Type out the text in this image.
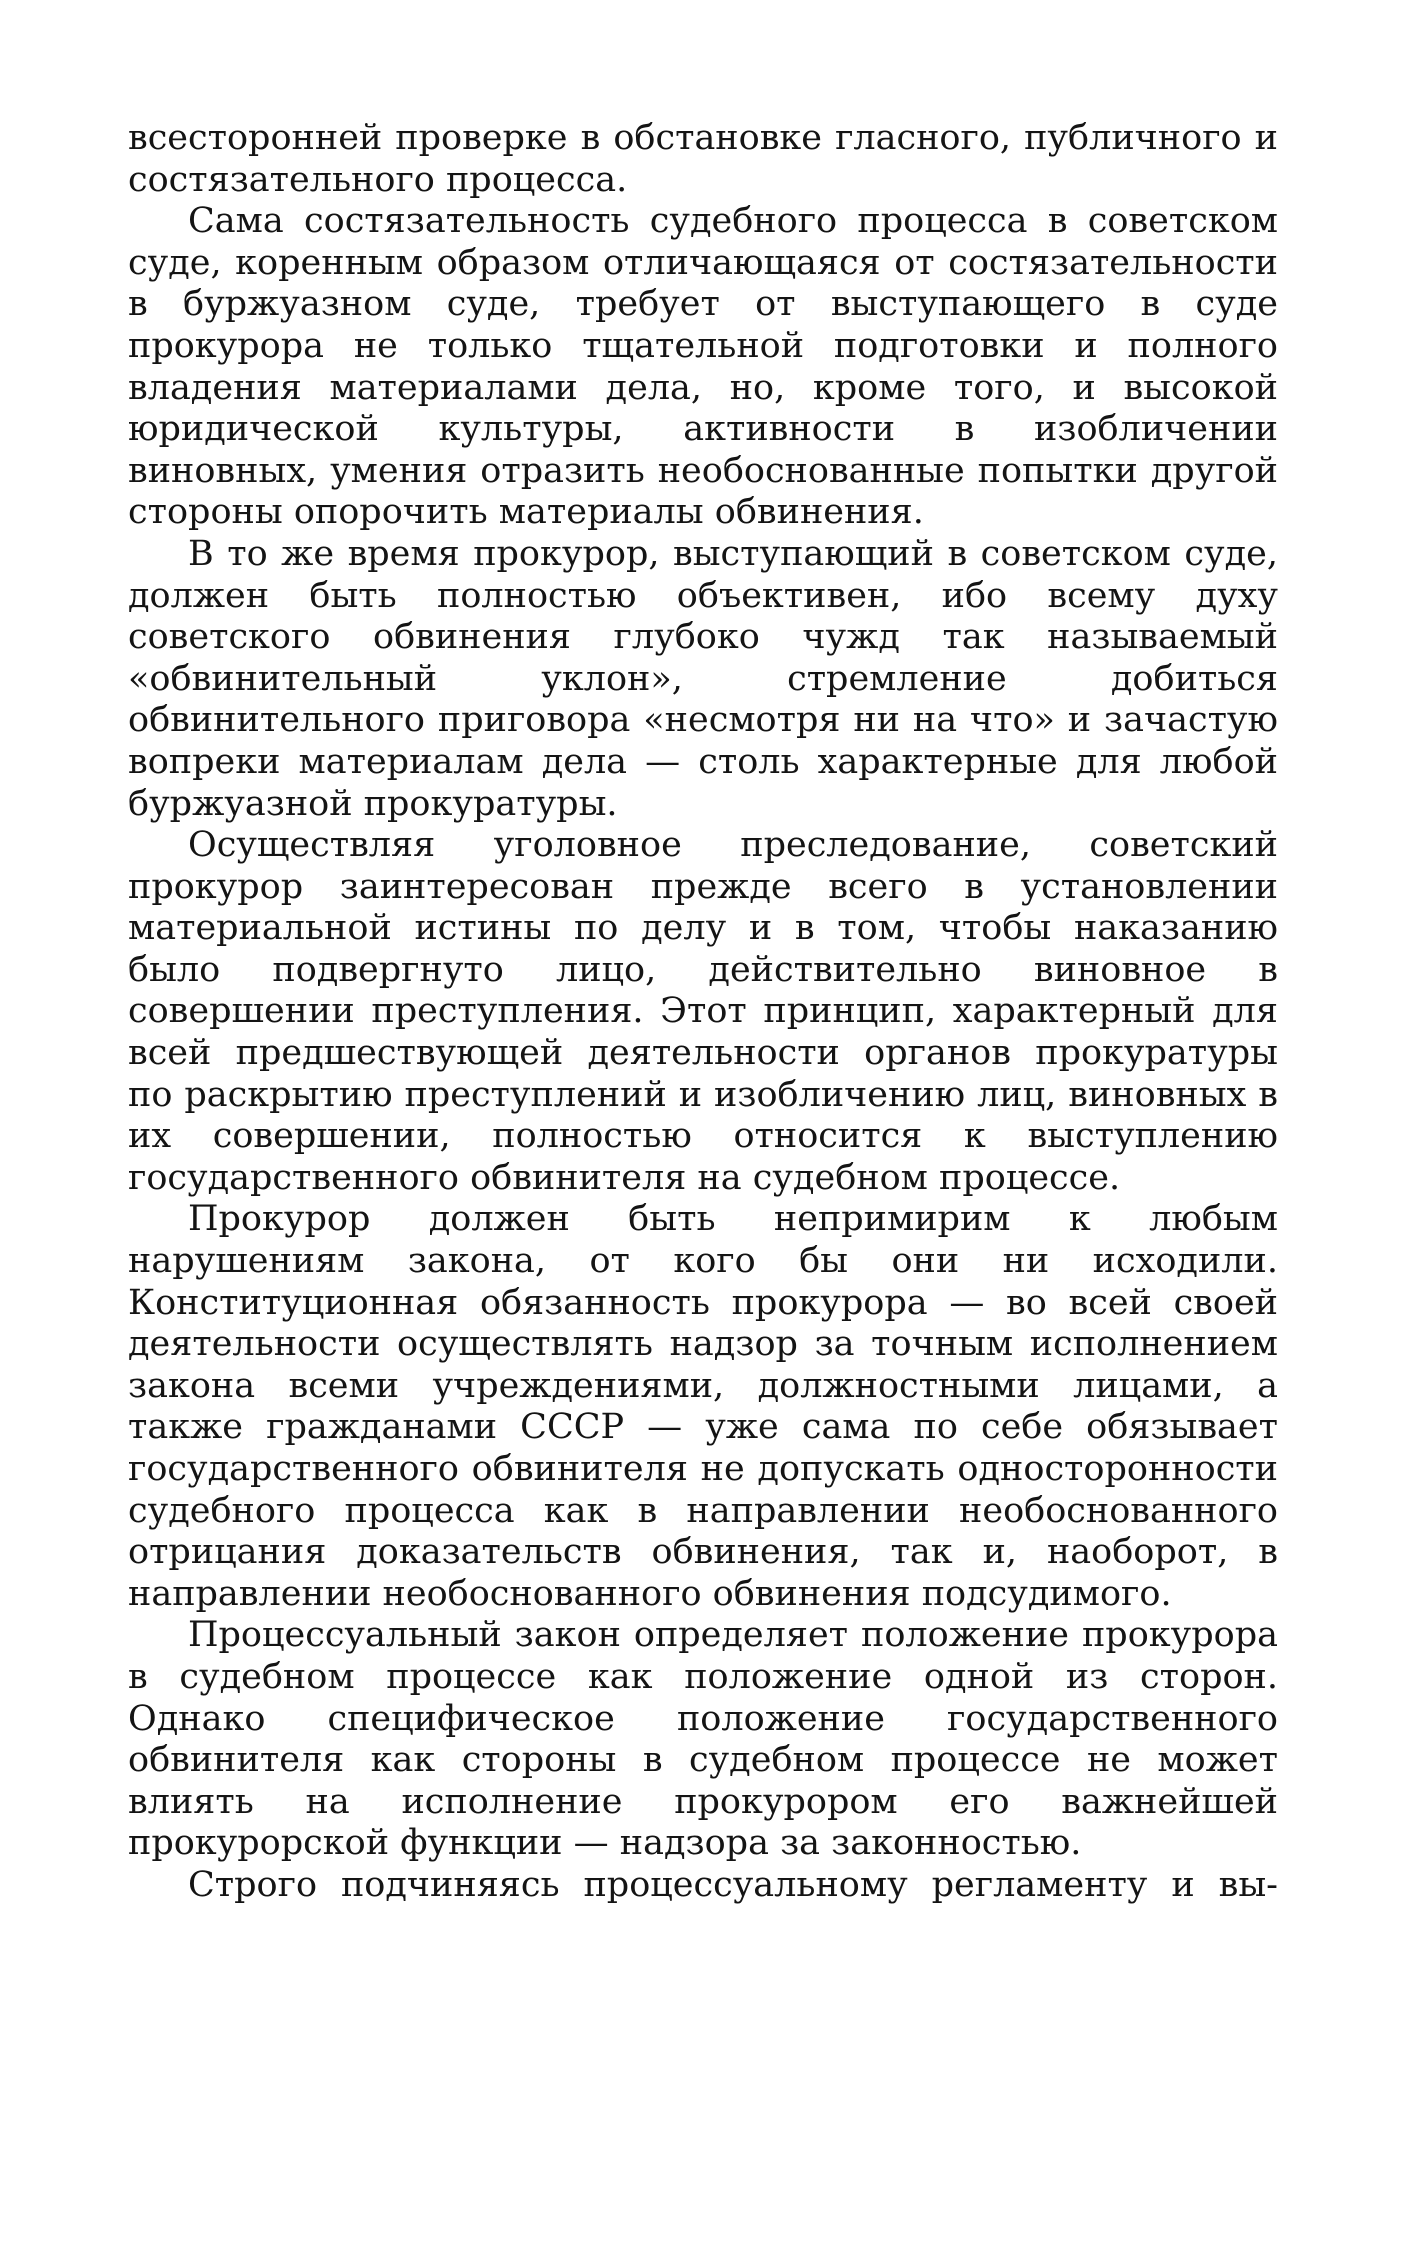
всесторонней проверке в обстановке гласного, публичного и состязательного процесса.

Сама состязательность судебного процесса в советском суде, коренным образом отличающаяся от состязательности в буржуазном суде, требует от выступающего в суде прокурора не только тщательной подготовки и полного владения материалами дела, но, кроме того, и высокой юридической культуры, активности в изобличении виновных, умения отразить необоснованные попытки другой стороны опорочить материалы обвинения.

В то же время прокурор, выступающий в советском суде, должен быть полностью объективен, ибо всему духу советского обвинения глубоко чужд так называемый «обвинительный уклон», стремление добиться обвинительного приговора «несмотря ни на что» и зачастую вопреки материалам дела — столь характерные для любой буржуазной прокуратуры.

Осуществляя уголовное преследование, советский прокурор заинтересован прежде всего в установлении материальной истины по делу и в том, чтобы наказанию было подвергнуто лицо, действительно виновное в совершении преступления. Этот принцип, характерный для всей предшествующей деятельности органов прокуратуры по раскрытию преступлений и изобличению лиц, виновных в их совершении, полностью относится к выступлению государственного обвинителя на судебном процессе.

Прокурор должен быть непримирим к любым нарушениям закона, от кого бы они ни исходили. Конституционная обязанность прокурора — во всей своей деятельности осуществлять надзор за точным исполнением закона всеми учреждениями, должностными лицами, а также гражданами СССР — уже сама по себе обязывает государственного обвинителя не допускать односторонности судебного процесса как в направлении необоснованного отрицания доказательств обвинения, так и, наоборот, в направлении необоснованного обвинения подсудимого.

Процессуальный закон определяет положение прокурора в судебном процессе как положение одной из сторон. Однако специфическое положение государственного обвинителя как стороны в судебном процессе не может влиять на исполнение прокурором его важнейшей прокурорской функции — надзора за законностью.

Строго подчиняясь процессуальному регламенту и вы-
